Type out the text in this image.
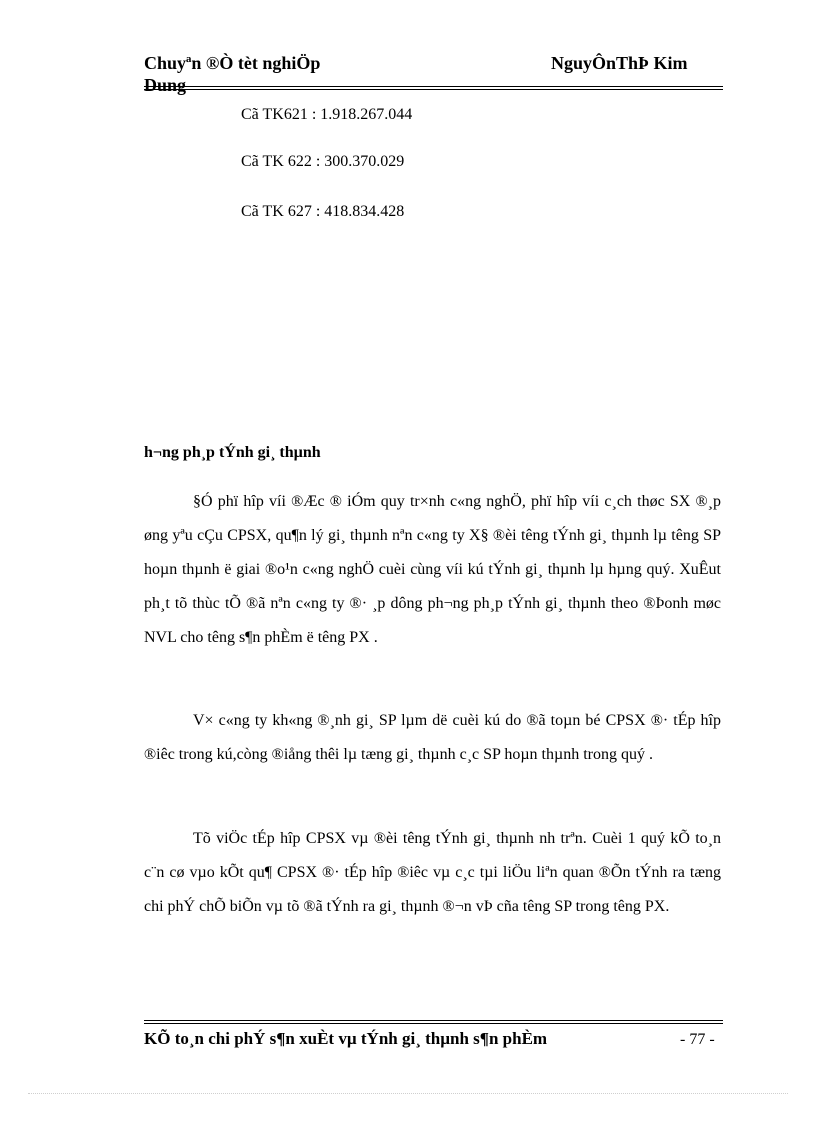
Chuyªn ®Ò tèt nghiÖp
Dung
NguyÔnThÞ Kim
Cã TK621 : 1.918.267.044
Cã TK 622 : 300.370.029
Cã TK 627 : 418.834.428
h¬ng ph¸p tÝnh gi¸ thµnh
§Ó phï hîp víi ®Æc ® iÓm quy tr×nh c«ng nghÖ, phï hîp víi c¸ch thøc SX ®¸p øng yªu cÇu CPSX, qu¶n lý gi¸ thµnh nªn c«ng ty X§ ®èi têng tÝnh gi¸ thµnh lµ têng SP hoµn thµnh ë giai ®o¹n c«ng nghÖ cuèi cùng víi kú tÝnh gi¸ thµnh lµ hµng quý. XuÊut ph¸t tõ thùc tÕ ®ã nªn c«ng ty ®· ¸p dông ph¬ng ph¸p tÝnh gi¸ thµnh theo ®Þonh møc NVL cho têng s¶n phÈm ë têng PX .
V× c«ng ty kh«ng ®¸nh gi¸ SP lµm dë cuèi kú do ®ã toµn bé CPSX ®· tÉp hîp ®iêc trong kú,còng ®iång thêi lµ tæng gi¸ thµnh c¸c SP hoµn thµnh trong quý .
Tõ viÖc tÉp hîp CPSX vµ ®èi têng tÝnh gi¸ thµnh nh trªn. Cuèi 1 quý kÕ to¸n c¨n cø vµo kÕt qu¶ CPSX ®· tÉp hîp ®iêc vµ c¸c tµi liÖu liªn quan ®Õn tÝnh ra tæng chi phÝ chÕ biÕn vµ tõ ®ã tÝnh ra gi¸ thµnh ®¬n vÞ cña têng SP trong têng PX.
KÕ to¸n chi phÝ s¶n xuÈt vµ tÝnh gi¸ thµnh s¶n phÈm	- 77 -
